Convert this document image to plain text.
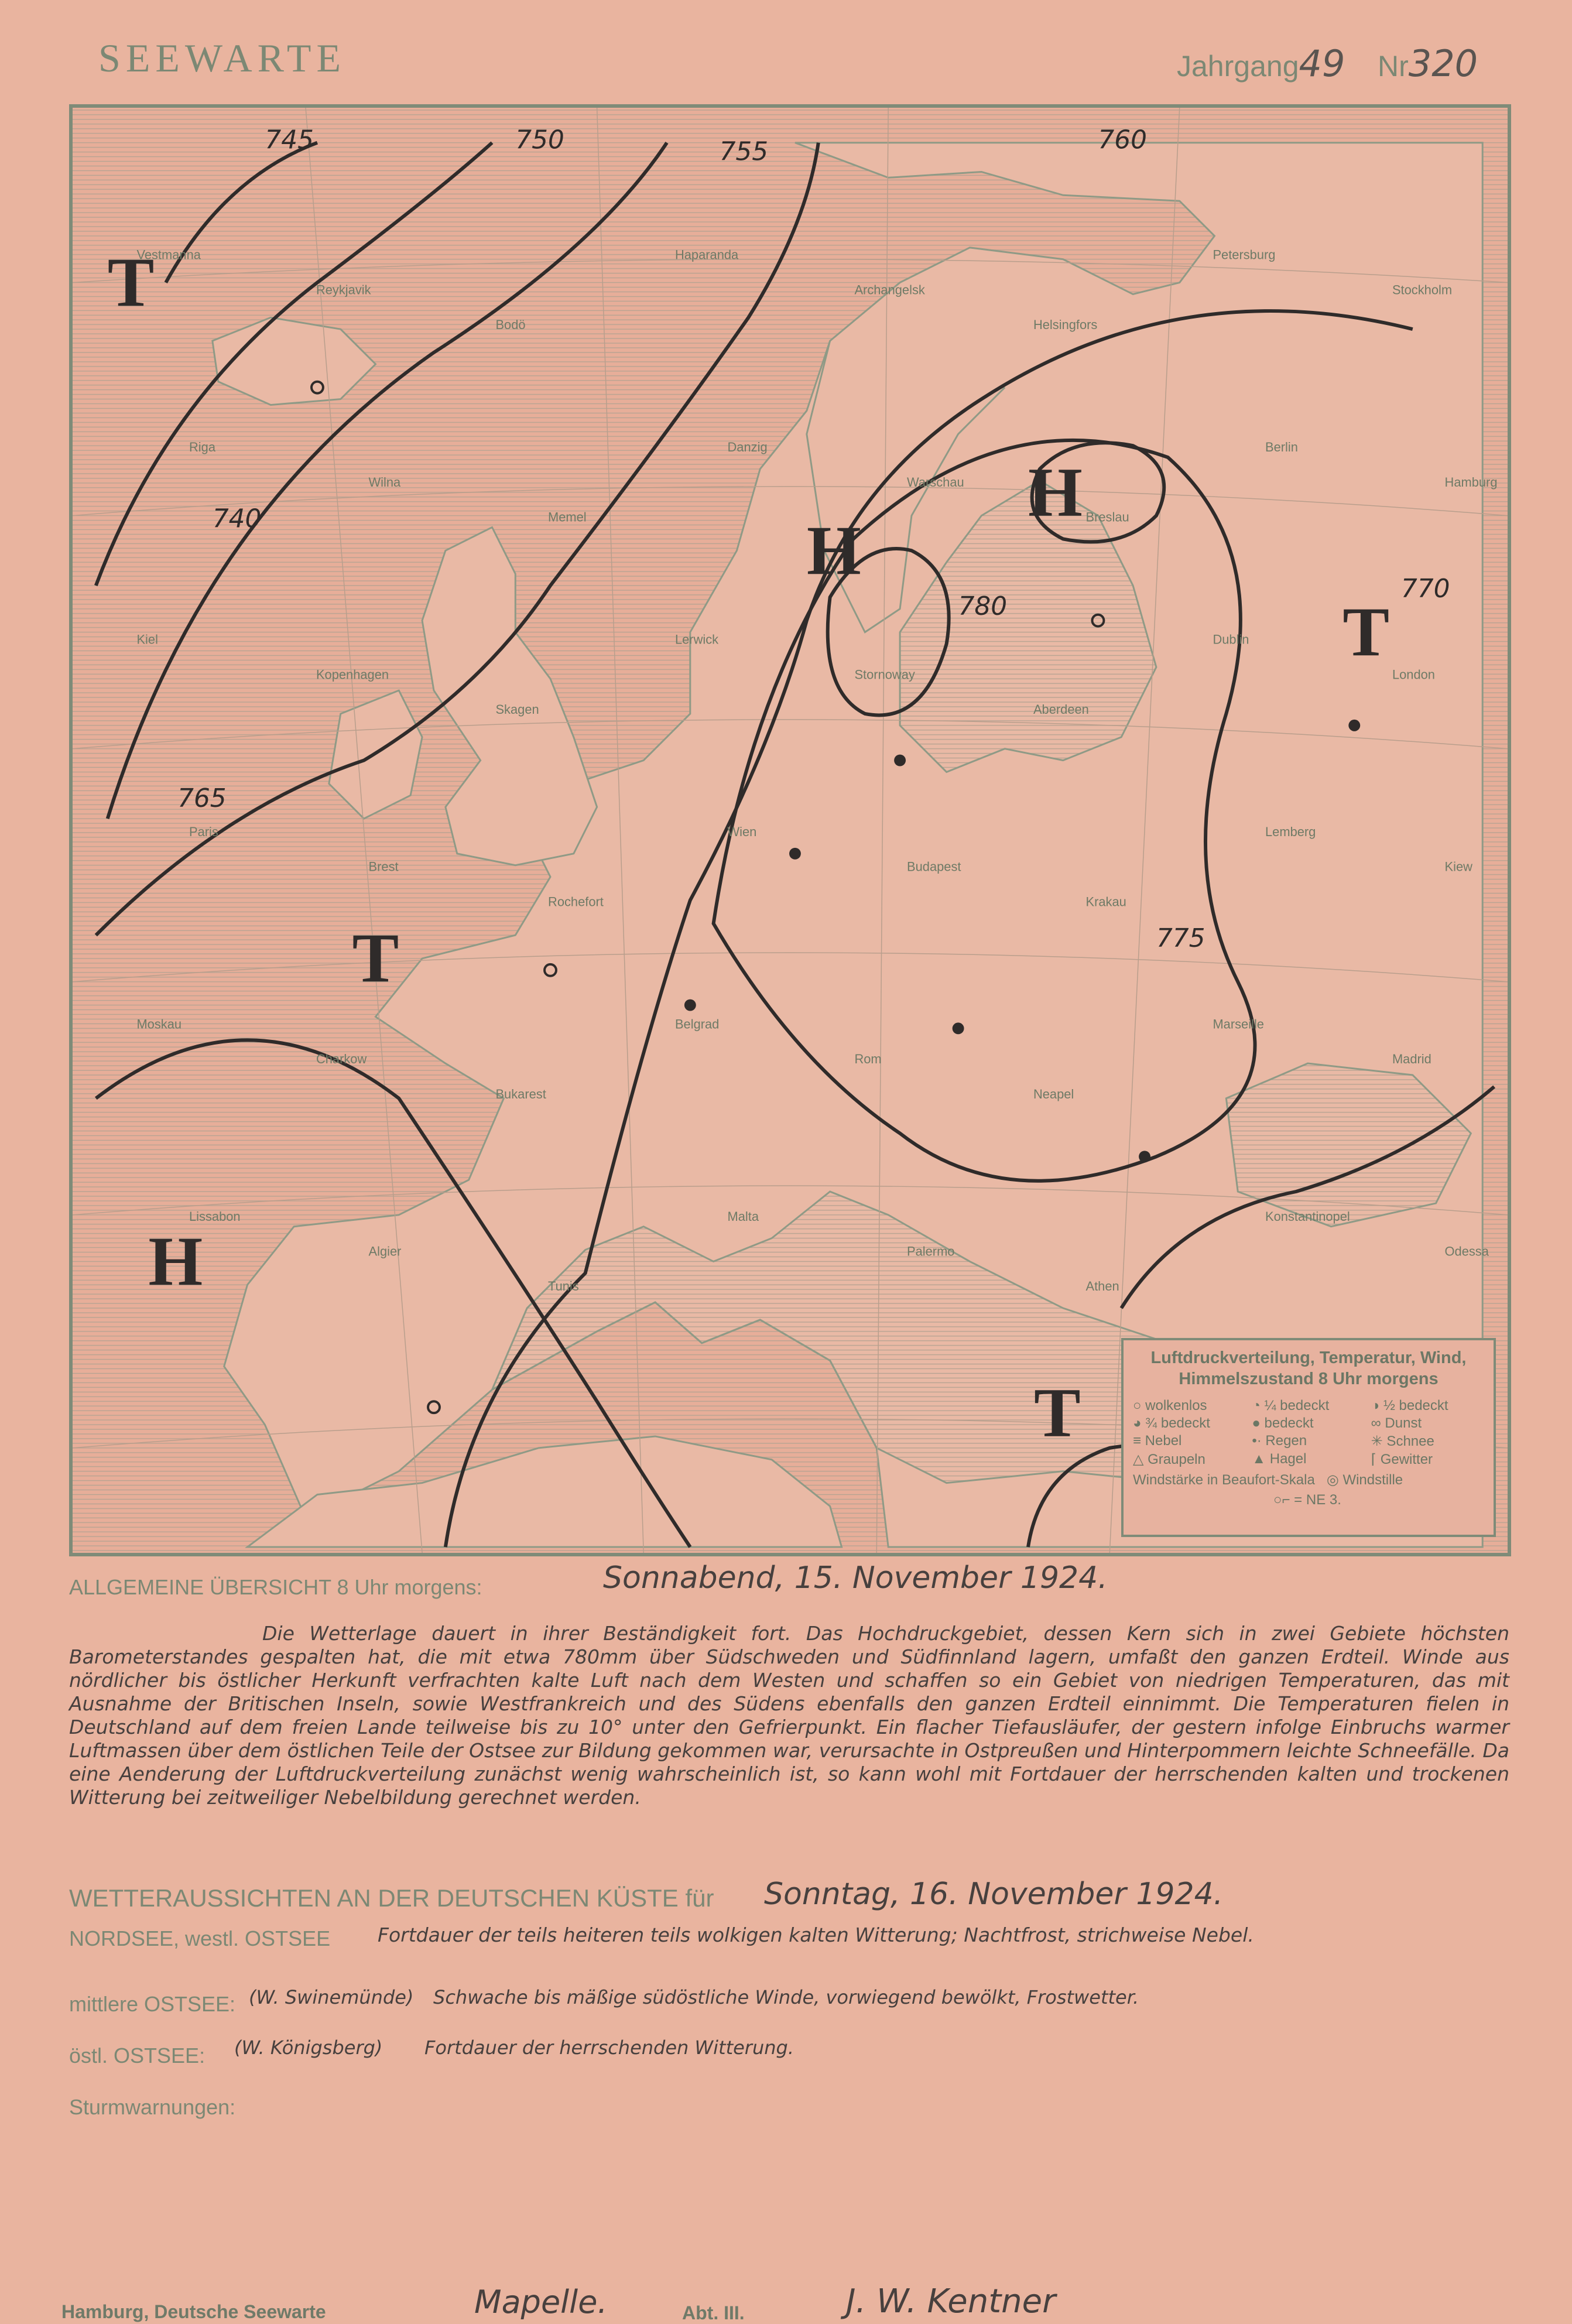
SEEWARTE	Jahrgang49 Nr320
745	750	755	760
765
770
775
780
740	H
H
H
T
T
T
T
Vestmanna
Reykjavik
Bodö
Haparanda
Archangelsk
Helsingfors
Petersburg
Stockholm
Riga
Wilna
Memel
Danzig
Warschau
Breslau
Berlin
Hamburg
Kiel
Kopenhagen
Skagen
Lerwick
Stornoway
Aberdeen
Dublin
London
Paris
Brest
Rochefort
Wien
Budapest
Krakau
Lemberg
Kiew
Moskau
Charkow
Bukarest
Belgrad
Rom
Neapel
Marseille
Madrid
Lissabon
Algier
Tunis
Malta
Palermo
Athen
Konstantinopel
Odessa
Luftdruckverteilung, Temperatur, Wind, Himmelszustand 8 Uhr morgens
○ wolkenlos	◔ ¼ bedeckt	◑ ½ bedeckt
◕ ¾ bedeckt	● bedeckt	∞ Dunst
≡ Nebel	•· Regen	✳ Schnee
△ Graupeln	▲ Hagel	⌈ Gewitter
Windstärke in Beaufort-Skala ◎ Windstille
○⌐ = NE 3.
ALLGEMEINE ÜBERSICHT 8 Uhr morgens:	Sonnabend, 15. November 1924.
Die Wetterlage dauert in ihrer Beständigkeit fort. Das Hochdruckgebiet, dessen Kern sich in zwei Gebiete höchsten Barometerstandes gespalten hat, die mit etwa 780mm über Südschweden und Südfinnland lagern, umfaßt den ganzen Erdteil. Winde aus nördlicher bis östlicher Herkunft verfrachten kalte Luft nach dem Westen und schaffen so ein Gebiet von niedrigen Temperaturen, das mit Ausnahme der Britischen Inseln, sowie Westfrankreich und des Südens ebenfalls den ganzen Erdteil einnimmt. Die Temperaturen fielen in Deutschland auf dem freien Lande teilweise bis zu 10° unter den Gefrierpunkt. Ein flacher Tiefausläufer, der gestern infolge Einbruchs warmer Luftmassen über dem östlichen Teile der Ostsee zur Bildung gekommen war, verursachte in Ostpreußen und Hinterpommern leichte Schneefälle. Da eine Aenderung der Luftdruckverteilung zunächst wenig wahrscheinlich ist, so kann wohl mit Fortdauer der herrschenden kalten und trockenen Witterung bei zeitweiliger Nebelbildung gerechnet werden.
WETTERAUSSICHTEN AN DER DEUTSCHEN KÜSTE für Sonntag, 16. November 1924.
NORDSEE, westl. OSTSEE Fortdauer der teils heiteren teils wolkigen kalten Witterung; Nachtfrost, strichweise Nebel.
mittlere OSTSEE: (W. Swinemünde) Schwache bis mäßige südöstliche Winde, vorwiegend bewölkt, Frostwetter.
östl. OSTSEE: (W. Königsberg) Fortdauer der herrschenden Witterung.
Sturmwarnungen:
Hamburg, Deutsche Seewarte	Mapelle.	Abt. III.	J. W. Kentner
